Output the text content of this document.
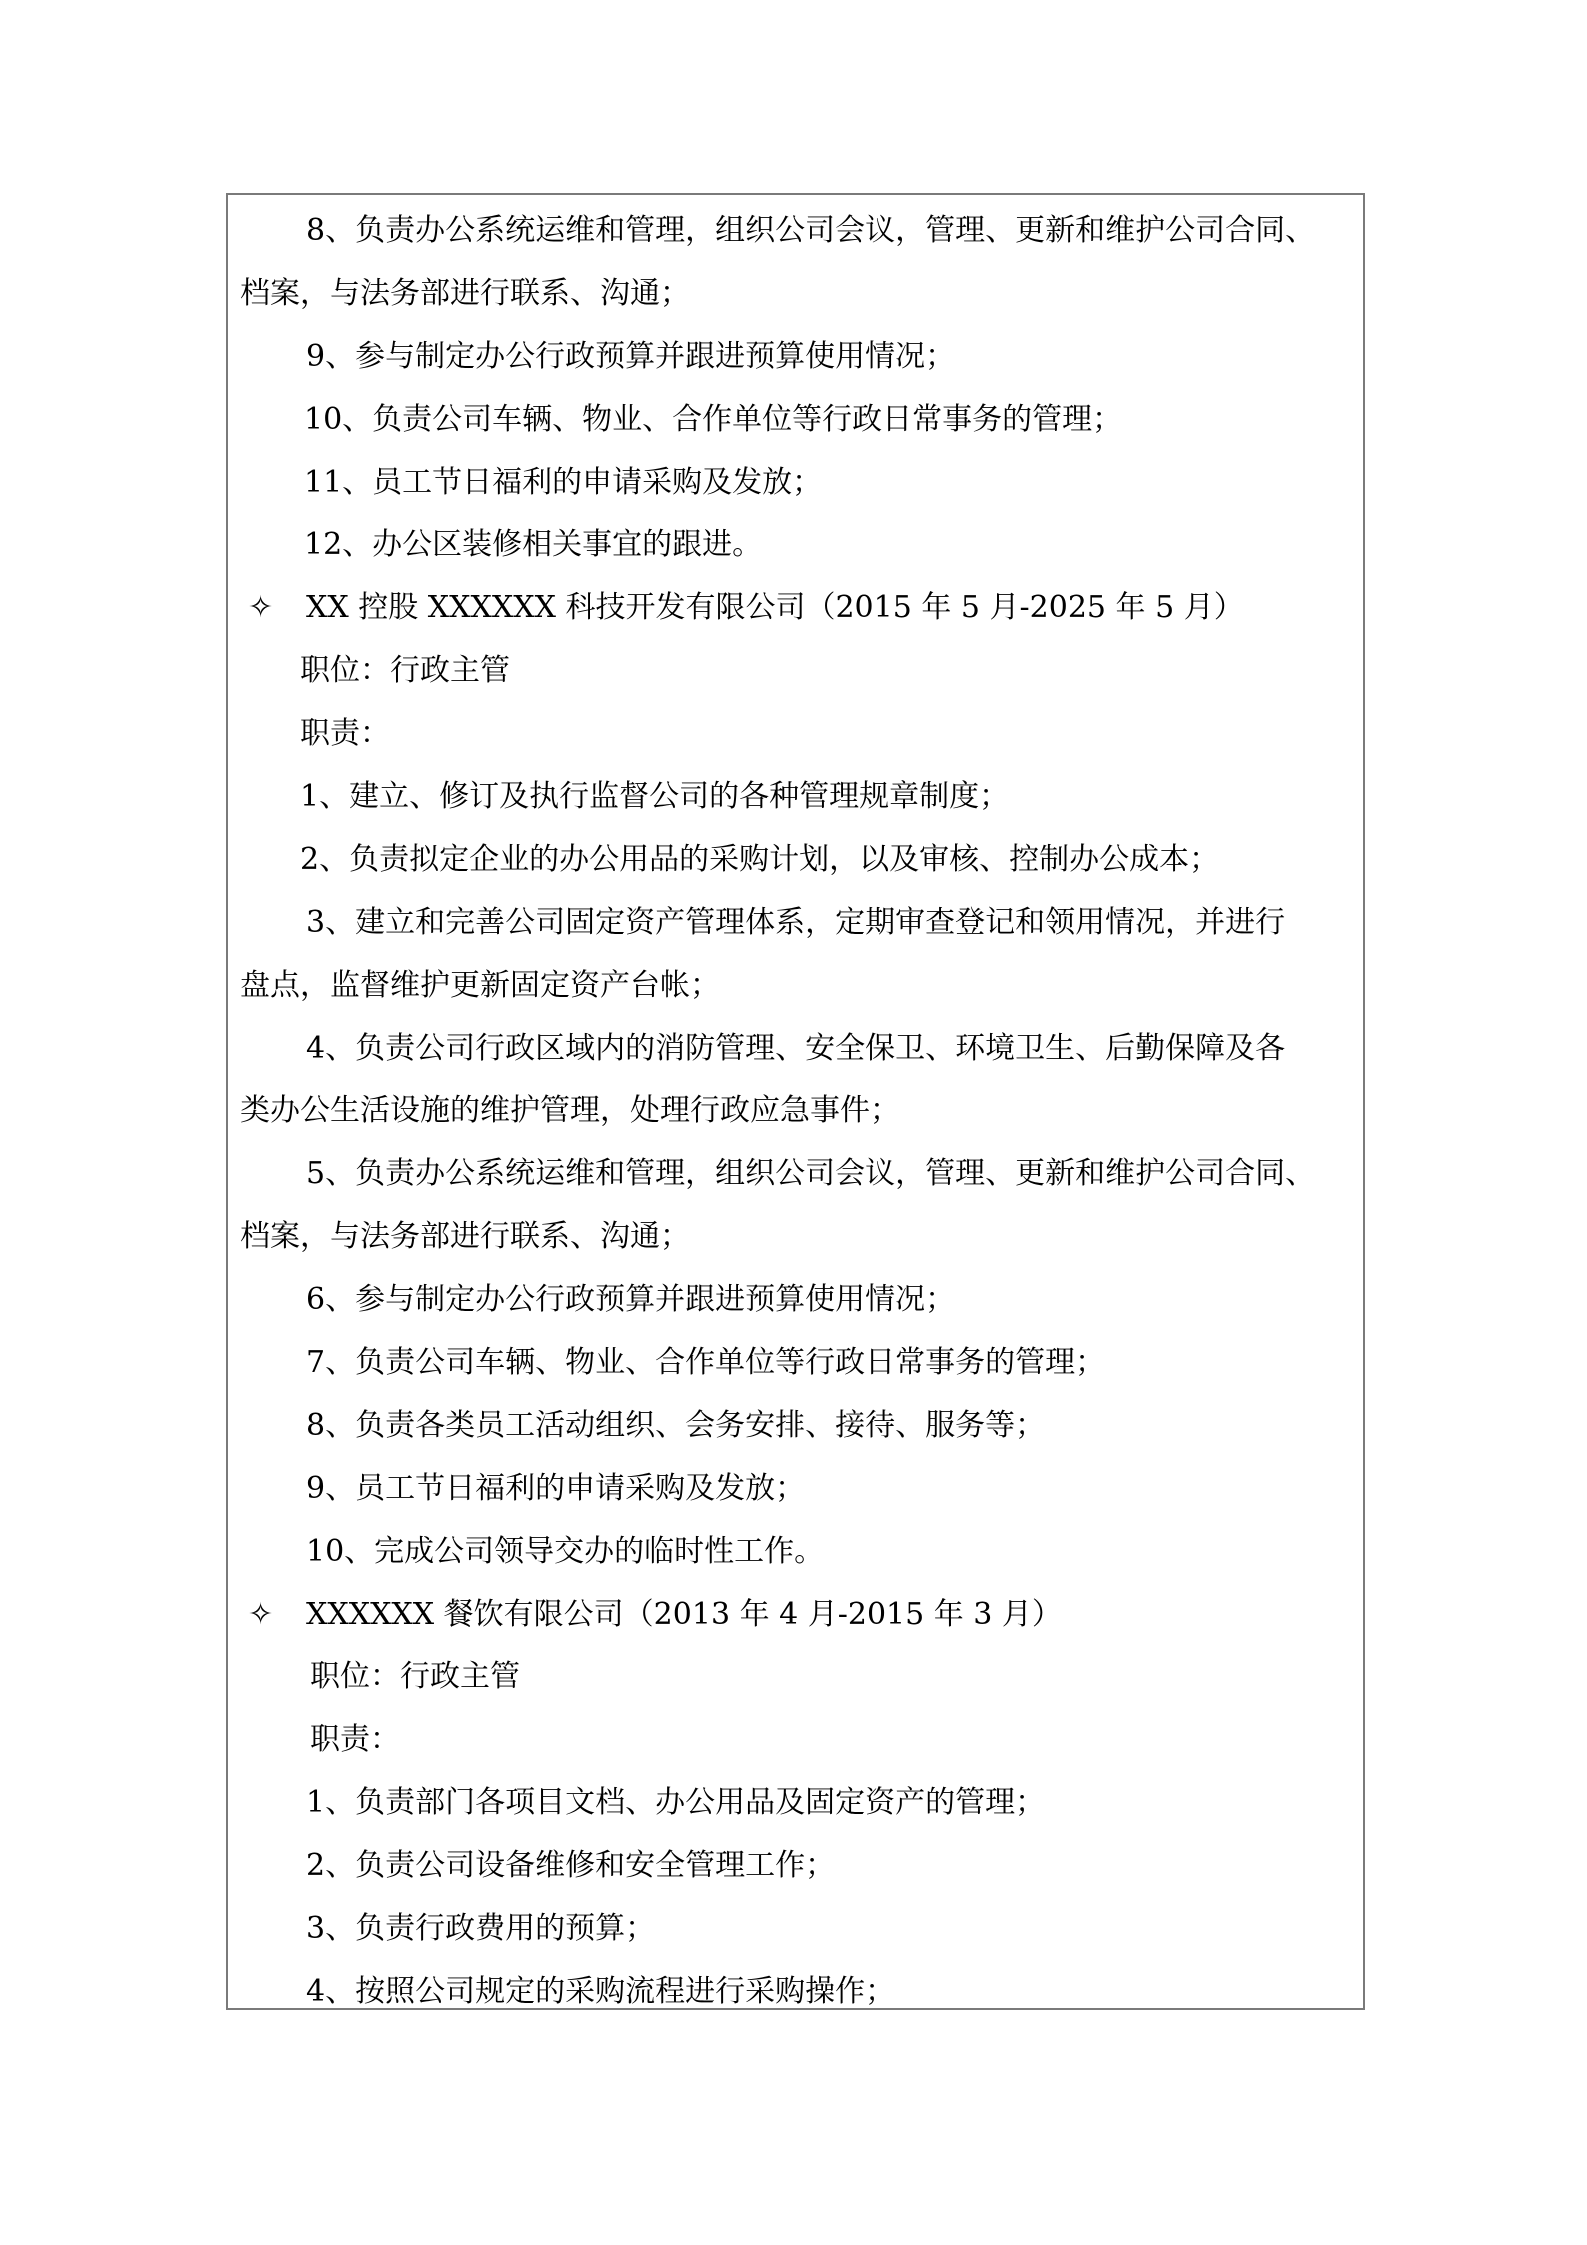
8、负责办公系统运维和管理，组织公司会议，管理、更新和维护公司合同、
档案，与法务部进行联系、沟通；
9、参与制定办公行政预算并跟进预算使用情况；
10、负责公司车辆、物业、合作单位等行政日常事务的管理；
11、员工节日福利的申请采购及发放；
12、办公区装修相关事宜的跟进。
✧ XX 控股 XXXXXX 科技开发有限公司（2015 年 5 月-2025 年 5 月）
职位：行政主管
职责：
1、建立、修订及执行监督公司的各种管理规章制度；
2、负责拟定企业的办公用品的采购计划，以及审核、控制办公成本；
3、建立和完善公司固定资产管理体系，定期审查登记和领用情况，并进行
盘点，监督维护更新固定资产台帐；
4、负责公司行政区域内的消防管理、安全保卫、环境卫生、后勤保障及各
类办公生活设施的维护管理，处理行政应急事件；
5、负责办公系统运维和管理，组织公司会议，管理、更新和维护公司合同、
档案，与法务部进行联系、沟通；
6、参与制定办公行政预算并跟进预算使用情况；
7、负责公司车辆、物业、合作单位等行政日常事务的管理；
8、负责各类员工活动组织、会务安排、接待、服务等；
9、员工节日福利的申请采购及发放；
10、完成公司领导交办的临时性工作。
✧ XXXXXX 餐饮有限公司（2013 年 4 月-2015 年 3 月）
职位：行政主管
职责：
1、负责部门各项目文档、办公用品及固定资产的管理；
2、负责公司设备维修和安全管理工作；
3、负责行政费用的预算；
4、按照公司规定的采购流程进行采购操作；
